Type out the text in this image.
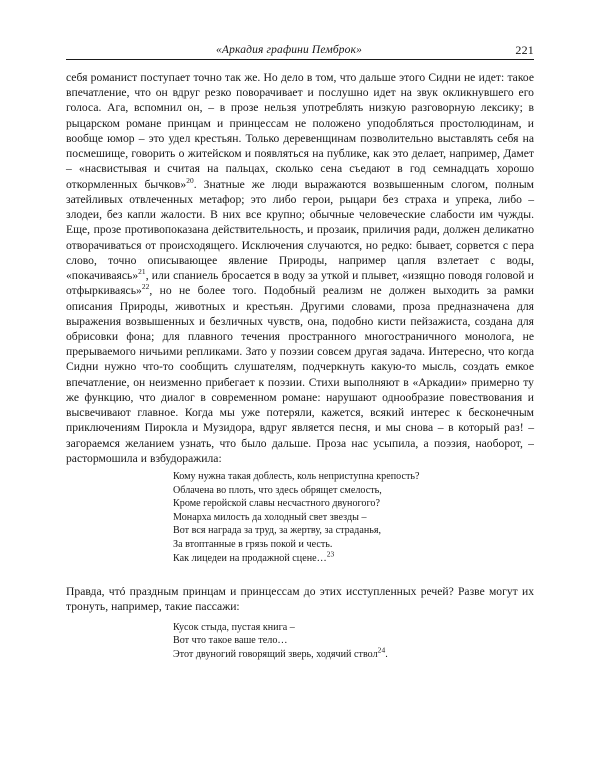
«Аркадия графини Пемброк»	221

себя романист поступает точно так же. Но дело в том, что дальше этого Сидни не идет: такое впечатление, что он вдруг резко поворачивает и послушно идет на звук окликнувшего его голоса. Ага, вспомнил он, – в прозе нельзя употреблять низкую разговорную лексику; в рыцарском романе принцам и принцессам не положено уподобляться простолюдинам, и вообще юмор – это удел крестьян. Только деревенщинам позволительно выставлять себя на посмешище, говорить о житейском и появляться на публике, как это делает, например, Дамет – «насвистывая и считая на пальцах, сколько сена съедают в год семнадцать хорошо откормленных бычков»$^{20}$. Знатные же люди выражаются возвышенным слогом, полным затейливых отвлеченных метафор; это либо герои, рыцари без страха и упрека, либо – злодеи, без капли жалости. В них все крупно; обычные человеческие слабости им чужды. Еще, прозе противопоказана действительность, и прозаик, приличия ради, должен деликатно отворачиваться от происходящего. Исключения случаются, но редко: бывает, сорвется с пера слово, точно описывающее явление Природы, например цапля взлетает с воды, «покачиваясь»$^{21}$, или спаниель бросается в воду за уткой и плывет, «изящно поводя головой и отфыркиваясь»$^{22}$, но не более того. Подобный реализм не должен выходить за рамки описания Природы, животных и крестьян. Другими словами, проза предназначена для выражения возвышенных и безличных чувств, она, подобно кисти пейзажиста, создана для обрисовки фона; для плавного течения пространного многостраничного монолога, не прерываемого ничьими репликами. Зато у поэзии совсем другая задача. Интересно, что когда Сидни нужно что-то сообщить слушателям, подчеркнуть какую-то мысль, создать емкое впечатление, он неизменно прибегает к поэзии. Стихи выполняют в «Аркадии» примерно ту же функцию, что диалог в современном романе: нарушают однообразие повествования и высвечивают главное. Когда мы уже потеряли, кажется, всякий интерес к бесконечным приключениям Пирокла и Музидора, вдруг является песня, и мы снова – в который раз! – загораемся желанием узнать, что было дальше. Проза нас усыпила, а поэзия, наоборот, – растормошила и взбудоражила:

Кому нужна такая доблесть, коль неприступна крепость?
Облачена во плоть, что здесь обрящет смелость,
Кроме геройской славы несчастного двуногого?
Монарха милость да холодный свет звезды –
Вот вся награда за труд, за жертву, за страданья,
За втоптанные в грязь покой и честь.
Как лицедеи на продажной сцене…$^{23}$

Правда, чтó праздным принцам и принцессам до этих исступленных речей? Разве могут их тронуть, например, такие пассажи:

Кусок стыда, пустая книга –
Вот что такое ваше тело…
Этот двуногий говорящий зверь, ходячий ствол$^{24}$.
